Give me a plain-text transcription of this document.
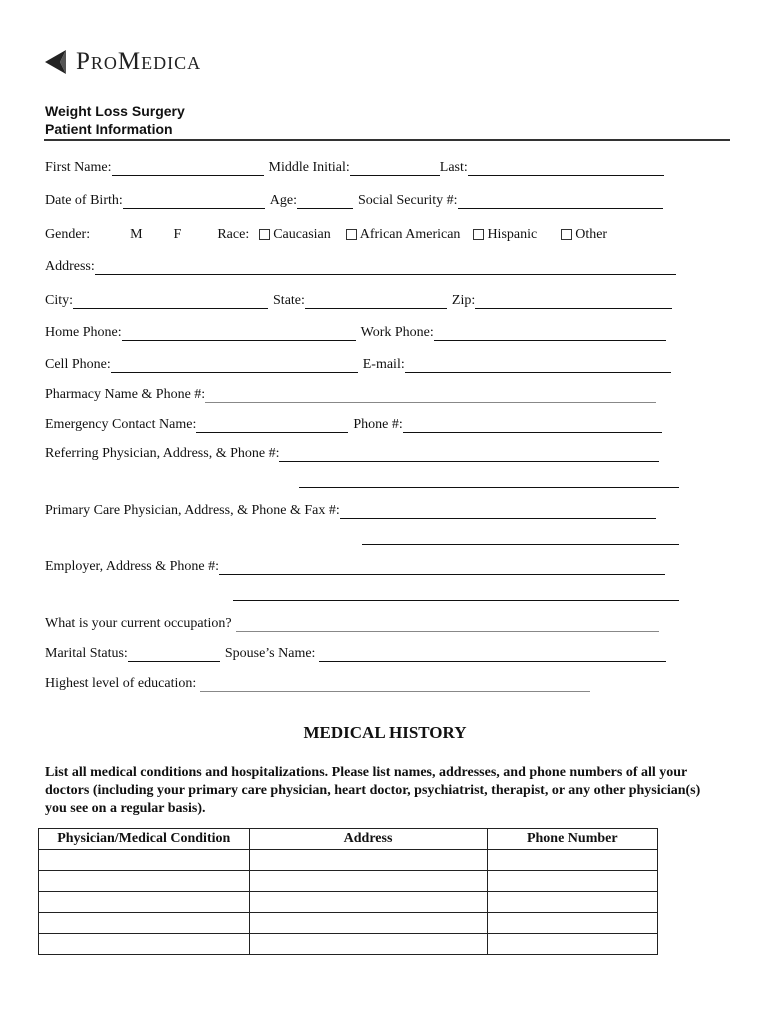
ProMedica
Weight Loss Surgery
Patient Information
First Name:	Middle Initial:	Last:
Date of Birth:	Age:	Social Security #:
Gender:	M F	Race:	Caucasian	African American	Hispanic	Other
Address:
City:	State:	Zip:
Home Phone:	Work Phone:
Cell Phone:	E-mail:
Pharmacy Name & Phone #:
Emergency Contact Name:	Phone #:
Referring Physician, Address, & Phone #:
Primary Care Physician, Address, & Phone & Fax #:
Employer, Address & Phone #:
What is your current occupation?
Marital Status:	Spouse’s Name:
Highest level of education:
MEDICAL HISTORY
List all medical conditions and hospitalizations. Please list names, addresses, and phone numbers of all your doctors (including your primary care physician, heart doctor, psychiatrist, therapist, or any other physician(s) you see on a regular basis).
Physician/Medical Condition	Address	Phone Number
